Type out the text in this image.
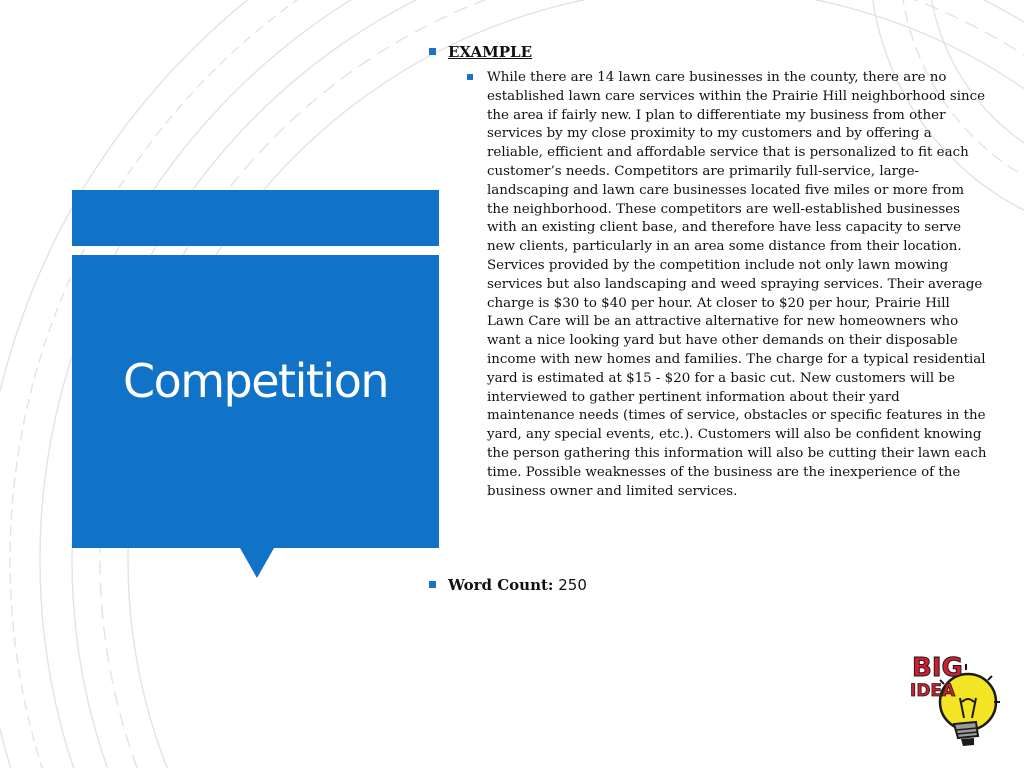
Competition
EXAMPLE

While there are 14 lawn care businesses in the county, there are no established lawn care services within the Prairie Hill neighborhood since the area if fairly new. I plan to differentiate my business from other services by my close proximity to my customers and by offering a reliable, efficient and affordable service that is personalized to fit each customer’s needs. Competitors are primarily full-service, large-landscaping and lawn care businesses located five miles or more from the neighborhood. These competitors are well-established businesses with an existing client base, and therefore have less capacity to serve new clients, particularly in an area some distance from their location. Services provided by the competition include not only lawn mowing services but also landscaping and weed spraying services. Their average charge is $30 to $40 per hour. At closer to $20 per hour, Prairie Hill Lawn Care will be an attractive alternative for new homeowners who want a nice looking yard but have other demands on their disposable income with new homes and families. The charge for a typical residential yard is estimated at $15 - $20 for a basic cut. New customers will be interviewed to gather pertinent information about their yard maintenance needs (times of service, obstacles or specific features in the yard, any special events, etc.). Customers will also be confident knowing the person gathering this information will also be cutting their lawn each time. Possible weaknesses of the business are the inexperience of the business owner and limited services.

Word Count: 250
BIG
IDEA
